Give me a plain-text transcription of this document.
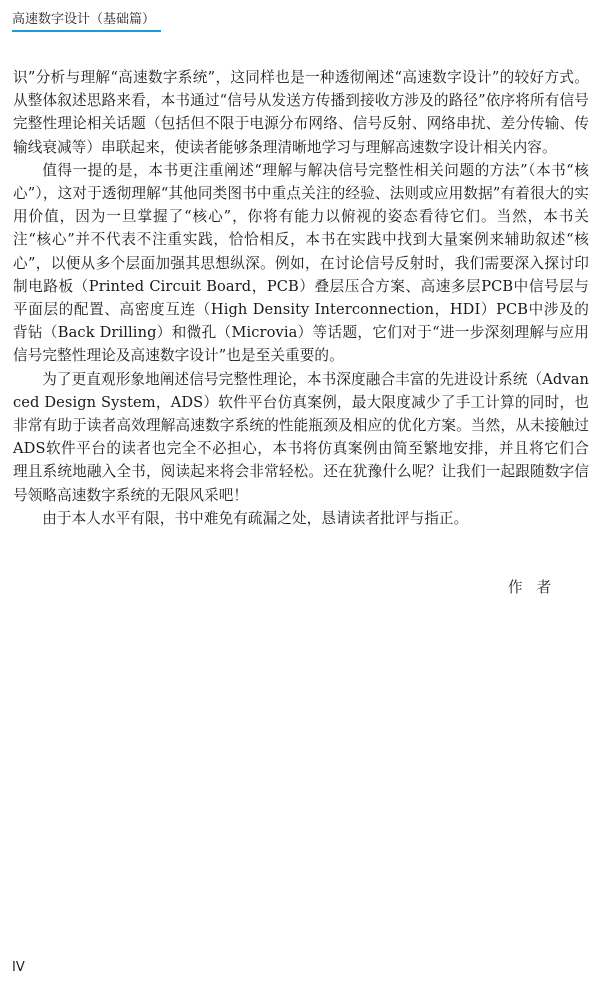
高速数字设计（基础篇）

识”分析与理解“高速数字系统”，这同样也是一种透彻阐述“高速数字设计”的较好方式。从整体叙述思路来看，本书通过“信号从发送方传播到接收方涉及的路径”依序将所有信号完整性理论相关话题（包括但不限于电源分布网络、信号反射、网络串扰、差分传输、传输线衰减等）串联起来，使读者能够条理清晰地学习与理解高速数字设计相关内容。

值得一提的是，本书更注重阐述“理解与解决信号完整性相关问题的方法”（本书“核心”），这对于透彻理解“其他同类图书中重点关注的经验、法则或应用数据”有着很大的实用价值，因为一旦掌握了“核心”，你将有能力以俯视的姿态看待它们。当然，本书关注“核心”并不代表不注重实践，恰恰相反，本书在实践中找到大量案例来辅助叙述“核心”，以便从多个层面加强其思想纵深。例如，在讨论信号反射时，我们需要深入探讨印制电路板（Printed Circuit Board，PCB）叠层压合方案、高速多层PCB中信号层与平面层的配置、高密度互连（High Density Interconnection，HDI）PCB中涉及的背钻（Back Drilling）和微孔（Microvia）等话题，它们对于“进一步深刻理解与应用信号完整性理论及高速数字设计”也是至关重要的。

为了更直观形象地阐述信号完整性理论，本书深度融合丰富的先进设计系统（Advanced Design System，ADS）软件平台仿真案例，最大限度减少了手工计算的同时，也非常有助于读者高效理解高速数字系统的性能瓶颈及相应的优化方案。当然，从未接触过ADS软件平台的读者也完全不必担心，本书将仿真案例由简至繁地安排，并且将它们合理且系统地融入全书，阅读起来将会非常轻松。还在犹豫什么呢？让我们一起跟随数字信号领略高速数字系统的无限风采吧！

由于本人水平有限，书中难免有疏漏之处，恳请读者批评与指正。

作者
IV
